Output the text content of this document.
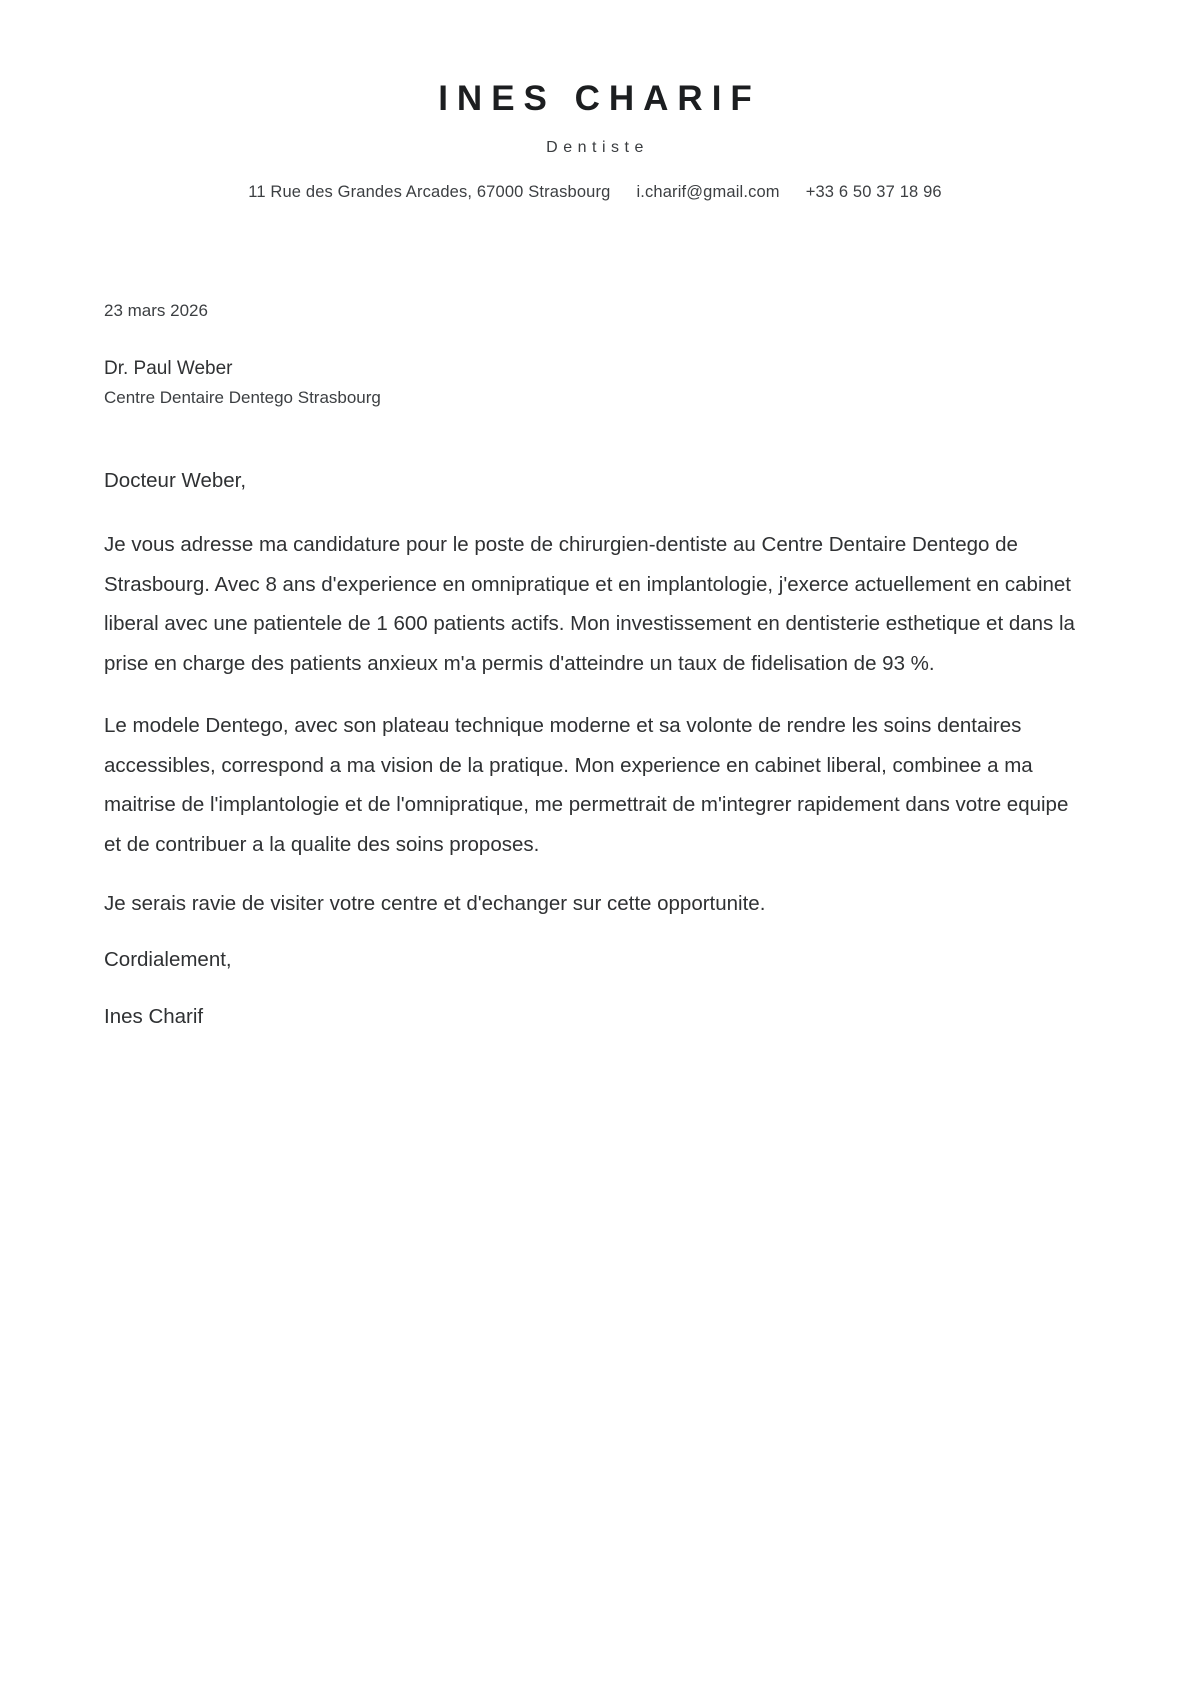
INES CHARIF
Dentiste
11 Rue des Grandes Arcades, 67000 Strasbourg i.charif@gmail.com +33 6 50 37 18 96
23 mars 2026
Dr. Paul Weber
Centre Dentaire Dentego Strasbourg
Docteur Weber,

Je vous adresse ma candidature pour le poste de chirurgien-dentiste au Centre Dentaire Dentego de Strasbourg. Avec 8 ans d'experience en omnipratique et en implantologie, j'exerce actuellement en cabinet liberal avec une patientele de 1 600 patients actifs. Mon investissement en dentisterie esthetique et dans la prise en charge des patients anxieux m'a permis d'atteindre un taux de fidelisation de 93 %.

Le modele Dentego, avec son plateau technique moderne et sa volonte de rendre les soins dentaires accessibles, correspond a ma vision de la pratique. Mon experience en cabinet liberal, combinee a ma maitrise de l'implantologie et de l'omnipratique, me permettrait de m'integrer rapidement dans votre equipe et de contribuer a la qualite des soins proposes.

Je serais ravie de visiter votre centre et d'echanger sur cette opportunite.

Cordialement,
Ines Charif
